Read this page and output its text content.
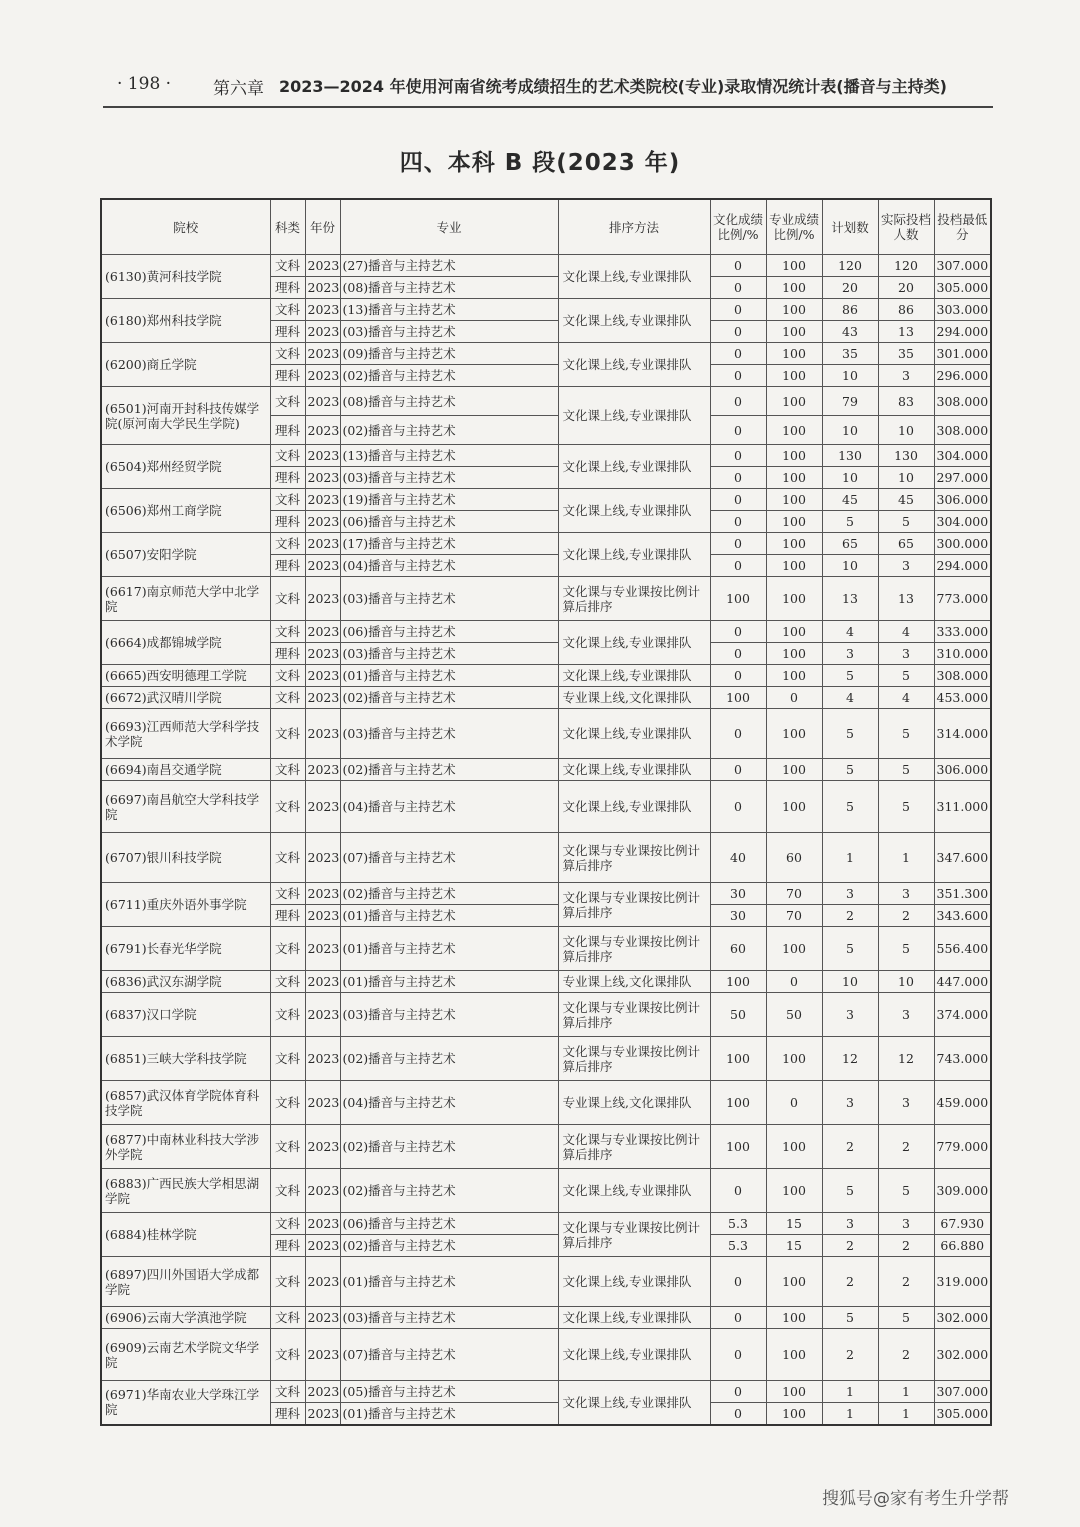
· 198 · 第六章 2023—2024 年使用河南省统考成绩招生的艺术类院校(专业)录取情况统计表(播音与主持类)
四、本科 B 段(2023 年)
院校	科类	年份	专业	排序方法	文化成绩比例/%	专业成绩比例/%	计划数	实际投档人数	投档最低分
(6130)黄河科技学院	文科	2023	(27)播音与主持艺术	文化课上线,专业课排队	0	100	120	120	307.000
	理科	2023	(08)播音与主持艺术		0	100	20	20	305.000
(6180)郑州科技学院	文科	2023	(13)播音与主持艺术	文化课上线,专业课排队	0	100	86	86	303.000
	理科	2023	(03)播音与主持艺术		0	100	43	13	294.000
(6200)商丘学院	文科	2023	(09)播音与主持艺术	文化课上线,专业课排队	0	100	35	35	301.000
	理科	2023	(02)播音与主持艺术		0	100	10	3	296.000
(6501)河南开封科技传媒学院(原河南大学民生学院)	文科	2023	(08)播音与主持艺术	文化课上线,专业课排队	0	100	79	83	308.000
	理科	2023	(02)播音与主持艺术		0	100	10	10	308.000
(6504)郑州经贸学院	文科	2023	(13)播音与主持艺术	文化课上线,专业课排队	0	100	130	130	304.000
	理科	2023	(03)播音与主持艺术		0	100	10	10	297.000
(6506)郑州工商学院	文科	2023	(19)播音与主持艺术	文化课上线,专业课排队	0	100	45	45	306.000
	理科	2023	(06)播音与主持艺术		0	100	5	5	304.000
(6507)安阳学院	文科	2023	(17)播音与主持艺术	文化课上线,专业课排队	0	100	65	65	300.000
	理科	2023	(04)播音与主持艺术		0	100	10	3	294.000
(6617)南京师范大学中北学院	文科	2023	(03)播音与主持艺术	文化课与专业课按比例计算后排序	100	100	13	13	773.000
(6664)成都锦城学院	文科	2023	(06)播音与主持艺术	文化课上线,专业课排队	0	100	4	4	333.000
	理科	2023	(03)播音与主持艺术		0	100	3	3	310.000
(6665)西安明德理工学院	文科	2023	(01)播音与主持艺术	文化课上线,专业课排队	0	100	5	5	308.000
(6672)武汉晴川学院	文科	2023	(02)播音与主持艺术	专业课上线,文化课排队	100	0	4	4	453.000
(6693)江西师范大学科学技术学院	文科	2023	(03)播音与主持艺术	文化课上线,专业课排队	0	100	5	5	314.000
(6694)南昌交通学院	文科	2023	(02)播音与主持艺术	文化课上线,专业课排队	0	100	5	5	306.000
(6697)南昌航空大学科技学院	文科	2023	(04)播音与主持艺术	文化课上线,专业课排队	0	100	5	5	311.000
(6707)银川科技学院	文科	2023	(07)播音与主持艺术	文化课与专业课按比例计算后排序	40	60	1	1	347.600
(6711)重庆外语外事学院	文科	2023	(02)播音与主持艺术	文化课与专业课按比例计算后排序	30	70	3	3	351.300
	理科	2023	(01)播音与主持艺术		30	70	2	2	343.600
(6791)长春光华学院	文科	2023	(01)播音与主持艺术	文化课与专业课按比例计算后排序	60	100	5	5	556.400
(6836)武汉东湖学院	文科	2023	(01)播音与主持艺术	专业课上线,文化课排队	100	0	10	10	447.000
(6837)汉口学院	文科	2023	(03)播音与主持艺术	文化课与专业课按比例计算后排序	50	50	3	3	374.000
(6851)三峡大学科技学院	文科	2023	(02)播音与主持艺术	文化课与专业课按比例计算后排序	100	100	12	12	743.000
(6857)武汉体育学院体育科技学院	文科	2023	(04)播音与主持艺术	专业课上线,文化课排队	100	0	3	3	459.000
(6877)中南林业科技大学涉外学院	文科	2023	(02)播音与主持艺术	文化课与专业课按比例计算后排序	100	100	2	2	779.000
(6883)广西民族大学相思湖学院	文科	2023	(02)播音与主持艺术	文化课上线,专业课排队	0	100	5	5	309.000
(6884)桂林学院	文科	2023	(06)播音与主持艺术	文化课与专业课按比例计算后排序	5.3	15	3	3	67.930
	理科	2023	(02)播音与主持艺术		5.3	15	2	2	66.880
(6897)四川外国语大学成都学院	文科	2023	(01)播音与主持艺术	文化课上线,专业课排队	0	100	2	2	319.000
(6906)云南大学滇池学院	文科	2023	(03)播音与主持艺术	文化课上线,专业课排队	0	100	5	5	302.000
(6909)云南艺术学院文华学院	文科	2023	(07)播音与主持艺术	文化课上线,专业课排队	0	100	2	2	302.000
(6971)华南农业大学珠江学院	文科	2023	(05)播音与主持艺术	文化课上线,专业课排队	0	100	1	1	307.000
	理科	2023	(01)播音与主持艺术		0	100	1	1	305.000
搜狐号@家有考生升学帮
